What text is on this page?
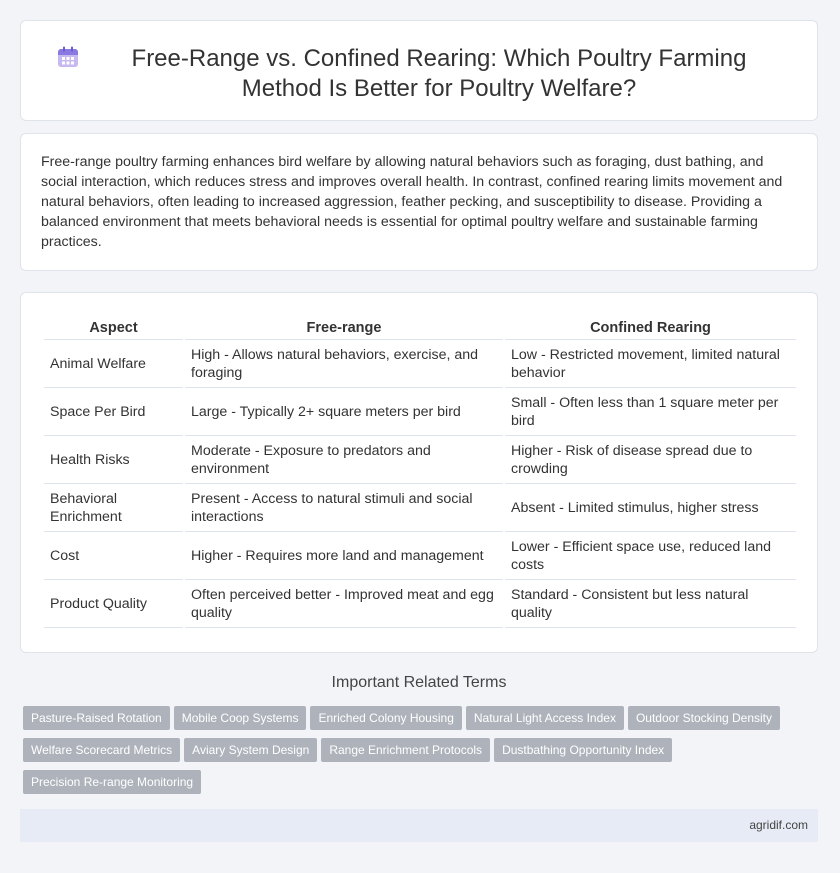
Free-Range vs. Confined Rearing: Which Poultry Farming Method Is Better for Poultry Welfare?

Free-range poultry farming enhances bird welfare by allowing natural behaviors such as foraging, dust bathing, and social interaction, which reduces stress and improves overall health. In contrast, confined rearing limits movement and natural behaviors, often leading to increased aggression, feather pecking, and susceptibility to disease. Providing a balanced environment that meets behavioral needs is essential for optimal poultry welfare and sustainable farming practices.

Aspect	Free-range	Confined Rearing
Animal Welfare	High - Allows natural behaviors, exercise, and foraging	Low - Restricted movement, limited natural behavior
Space Per Bird	Large - Typically 2+ square meters per bird	Small - Often less than 1 square meter per bird
Health Risks	Moderate - Exposure to predators and environment	Higher - Risk of disease spread due to crowding
Behavioral Enrichment	Present - Access to natural stimuli and social interactions	Absent - Limited stimulus, higher stress
Cost	Higher - Requires more land and management	Lower - Efficient space use, reduced land costs
Product Quality	Often perceived better - Improved meat and egg quality	Standard - Consistent but less natural quality
Important Related Terms
Pasture-Raised Rotation Mobile Coop Systems Enriched Colony Housing Natural Light Access Index Outdoor Stocking Density
Welfare Scorecard Metrics Aviary System Design Range Enrichment Protocols Dustbathing Opportunity Index
Precision Re-range Monitoring
agridif.com
